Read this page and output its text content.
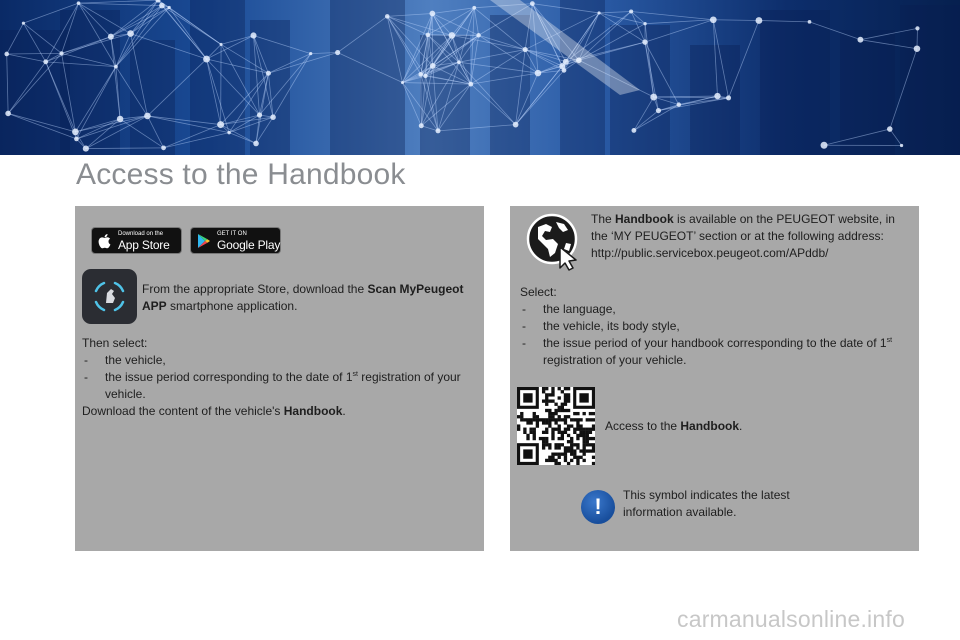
Access to the Handbook
Download on the
App Store
GET IT ON
Google Play
From the appropriate Store, download the Scan MyPeugeot APP smartphone application.
Then select:
- the vehicle,
- the issue period corresponding to the date of 1st registration of your vehicle.
Download the content of the vehicle's Handbook.
The Handbook is available on the PEUGEOT website, in the ‘MY PEUGEOT’ section or at the following address:
http://public.servicebox.peugeot.com/APddb/
Select:
- the language,
- the vehicle, its body style,
- the issue period of your handbook corresponding to the date of 1st registration of your vehicle.
Access to the Handbook.
!	This symbol indicates the latest information available.
carmanualsonline.info
